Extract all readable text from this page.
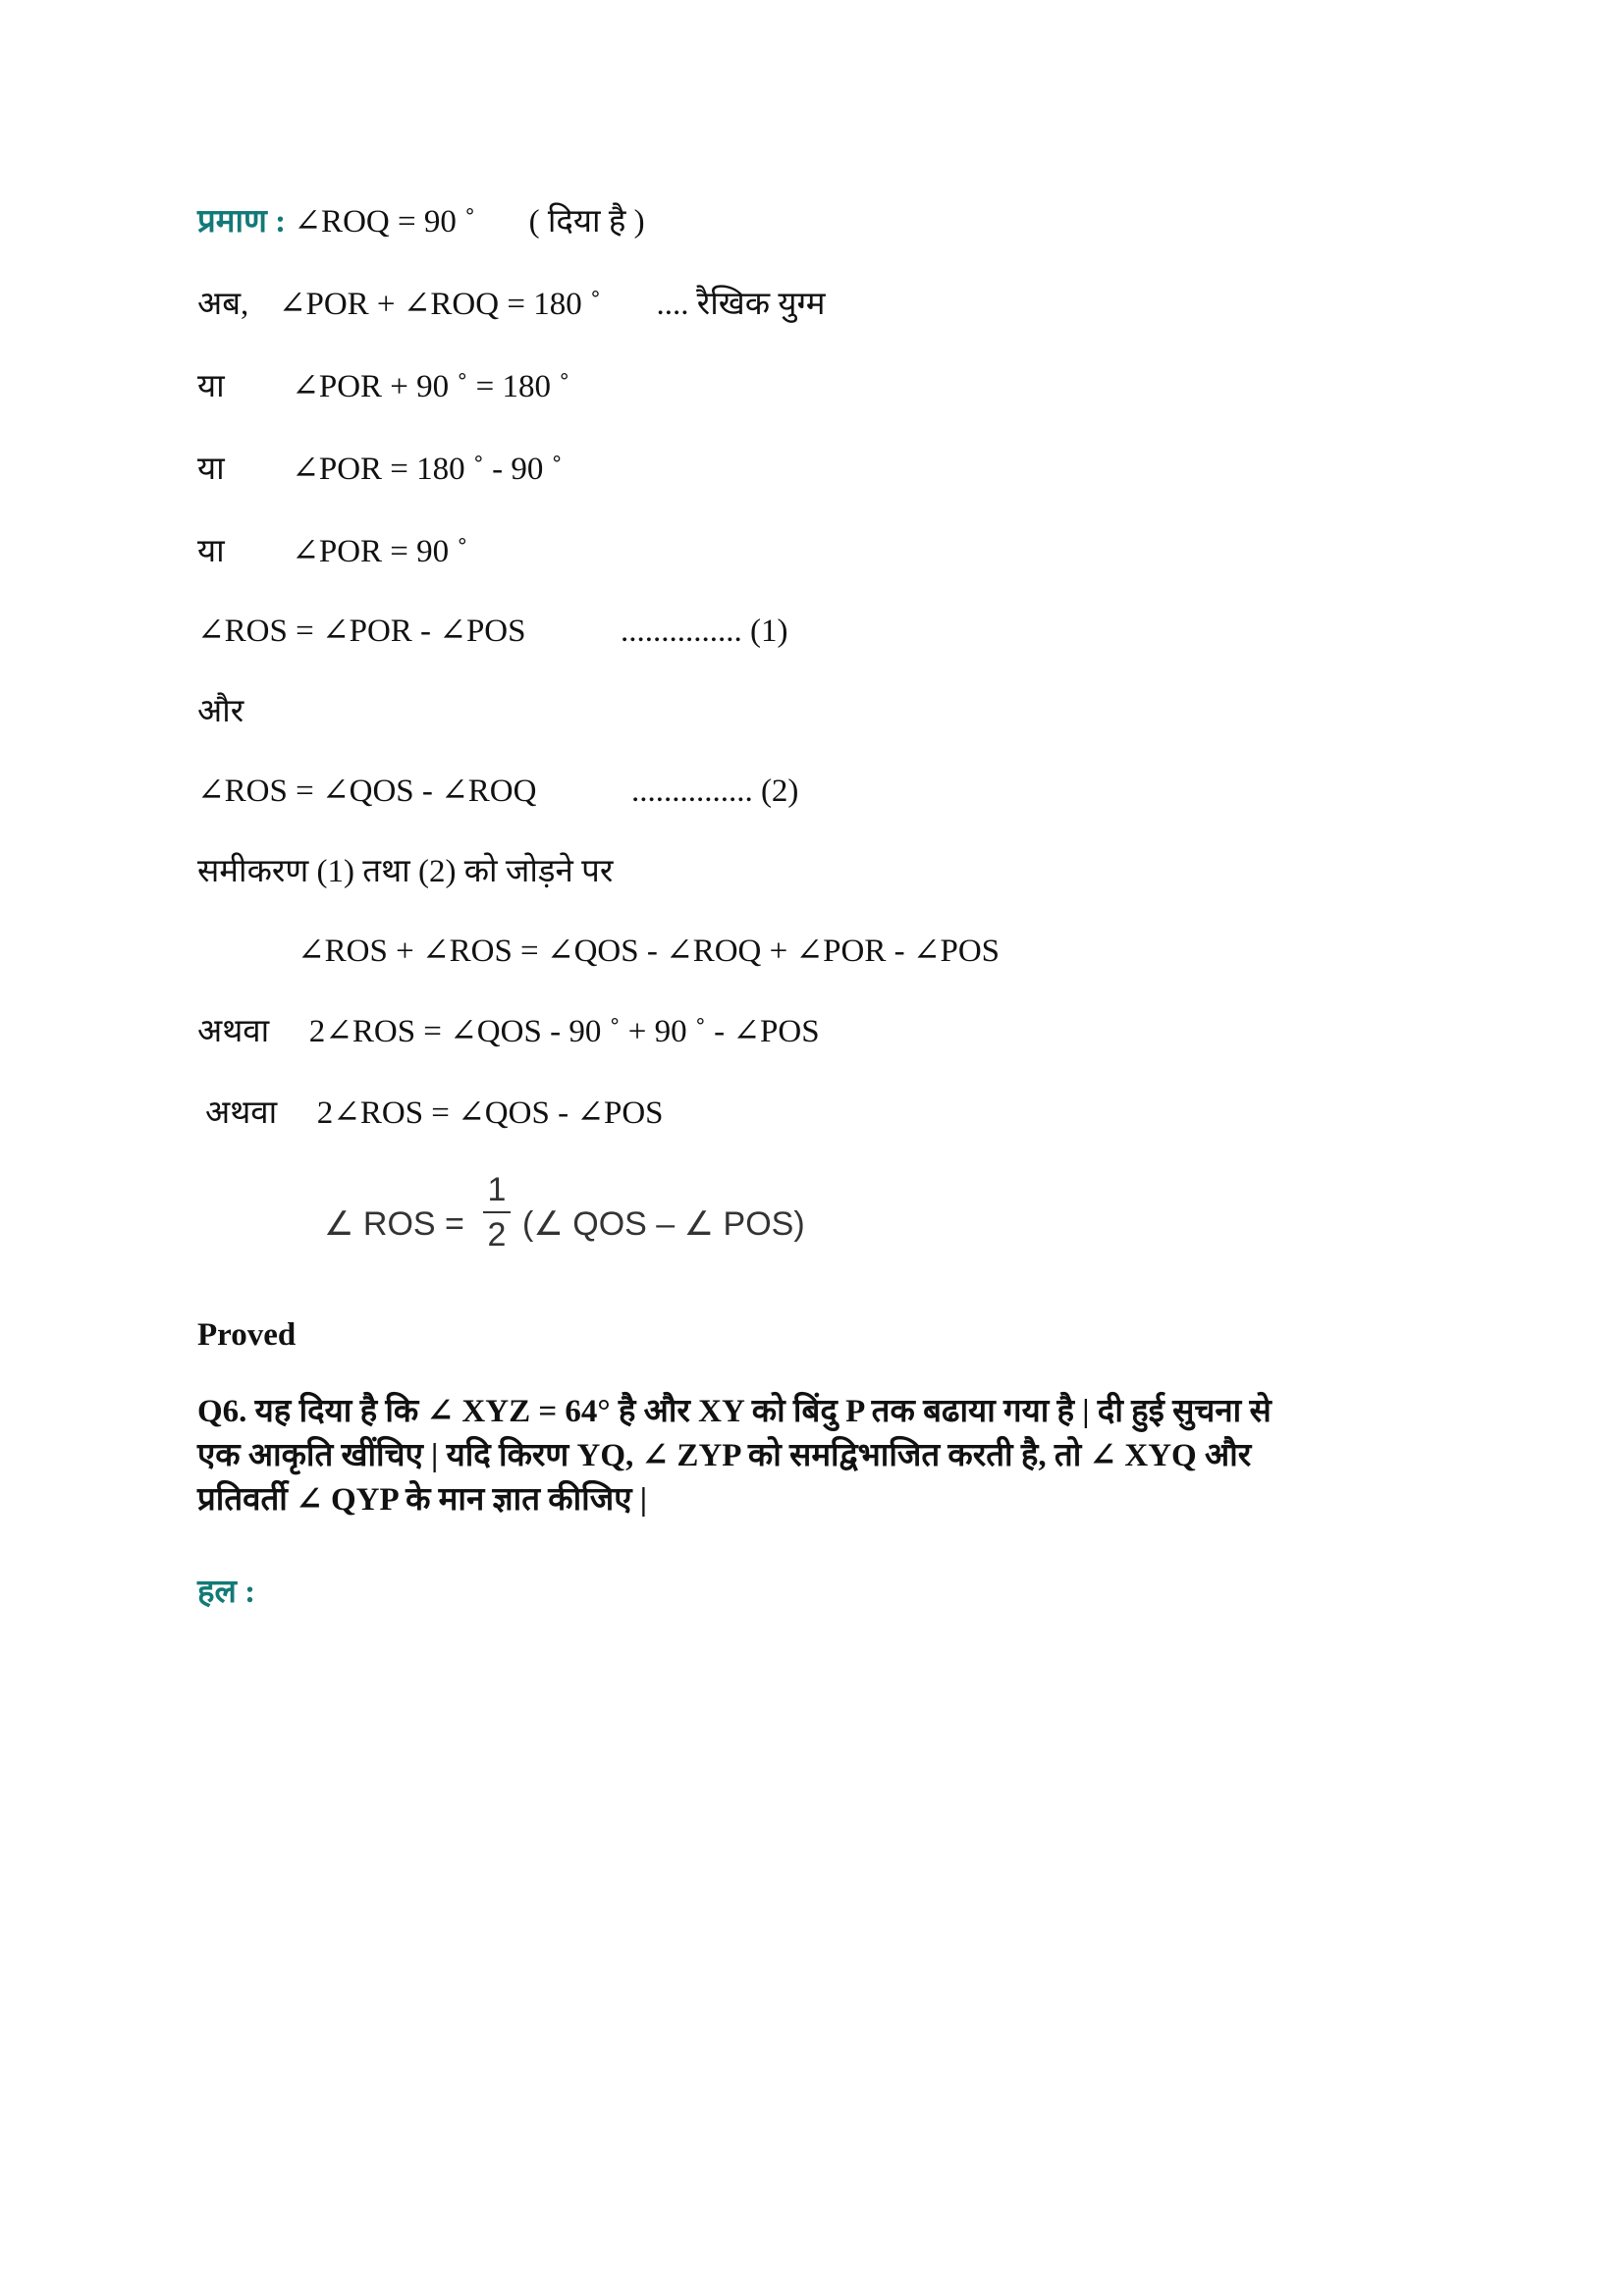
प्रमाण : ∠ROQ = 90 ˚ ( दिया है )
अब, ∠POR + ∠ROQ = 180 ˚ .... रैखिक युग्म
या ∠POR + 90 ˚ = 180 ˚
या ∠POR = 180 ˚ - 90 ˚
या ∠POR = 90 ˚
∠ROS = ∠POR - ∠POS	............... (1)
और
∠ROS = ∠QOS - ∠ROQ	............... (2)
समीकरण (1) तथा (2) को जोड़ने पर
∠ROS + ∠ROS = ∠QOS - ∠ROQ + ∠POR - ∠POS
अथवा 2∠ROS = ∠QOS - 90 ˚ + 90 ˚ - ∠POS
अथवा 2∠ROS = ∠QOS - ∠POS
∠ ROS =
1
2 (∠ QOS – ∠ POS)
Proved
Q6. यह दिया है कि ∠ XYZ = 64° है और XY को बिंदु P तक बढाया गया है | दी हुई सुचना से
एक आकृति खींचिए | यदि किरण YQ, ∠ ZYP को समद्विभाजित करती है, तो ∠ XYQ और
प्रतिवर्ती ∠ QYP के मान ज्ञात कीजिए |
हल :
